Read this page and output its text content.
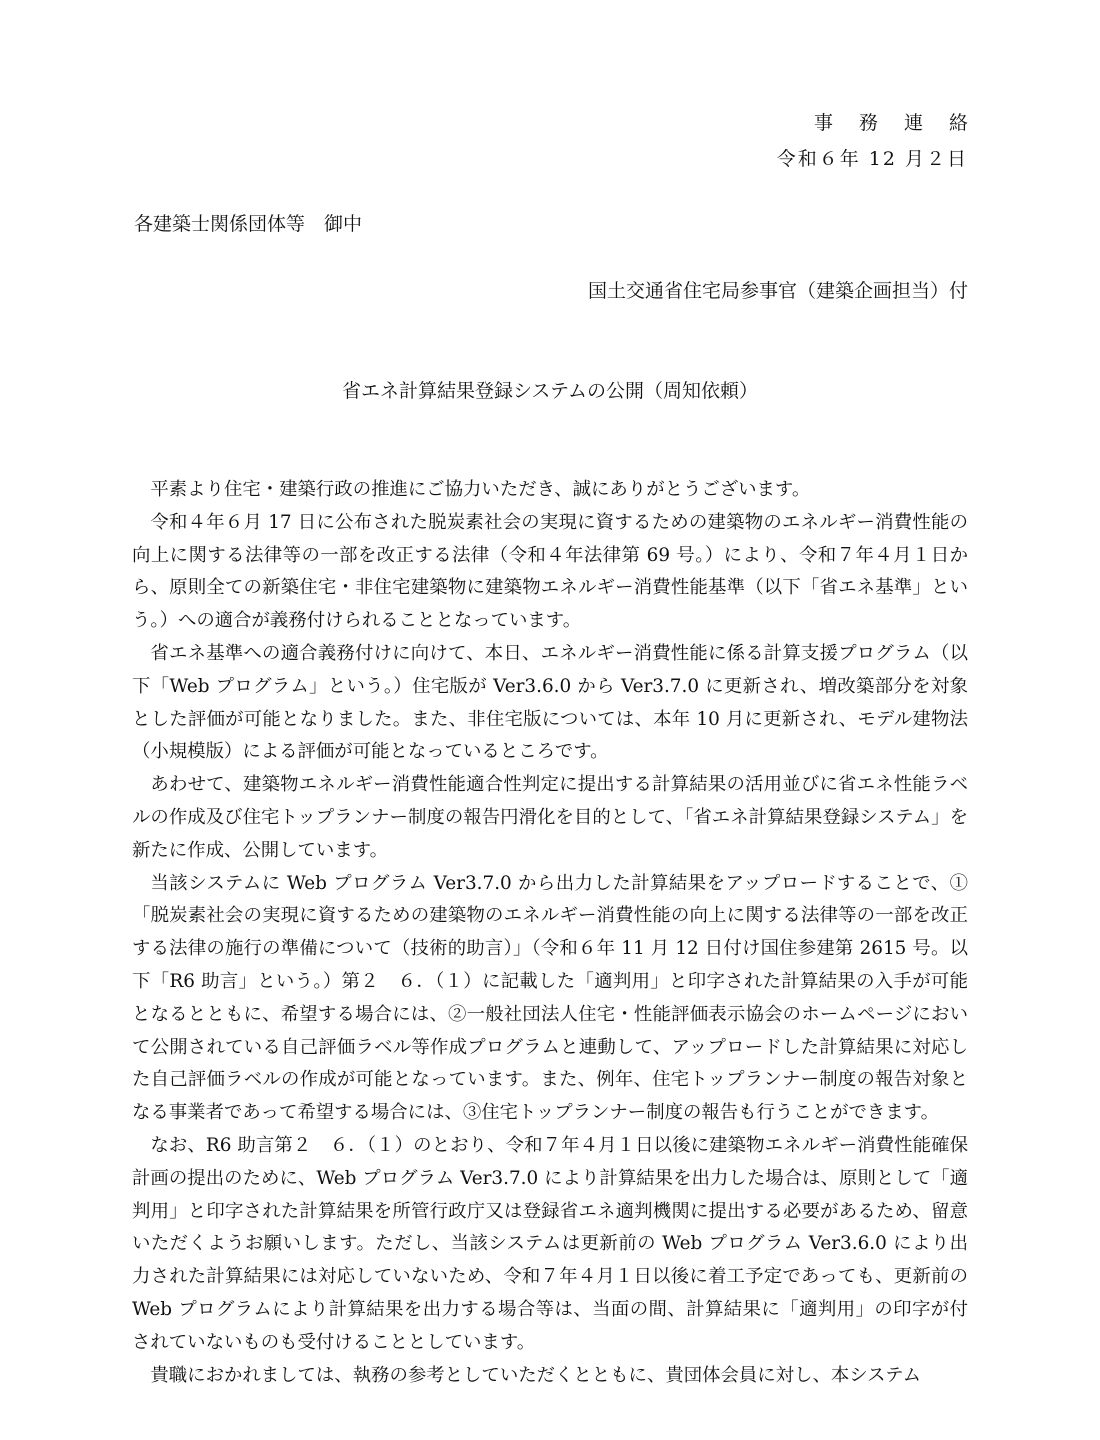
事務連絡
令和６年 12 月２日
各建築士関係団体等　御中
国土交通省住宅局参事官（建築企画担当）付
省エネ計算結果登録システムの公開（周知依頼）

平素より住宅・建築行政の推進にご協力いただき、誠にありがとうございます。

令和４年６月 17 日に公布された脱炭素社会の実現に資するための建築物のエネルギー消費性能の向上に関する法律等の一部を改正する法律（令和４年法律第 69 号。）により、令和７年４月１日から、原則全ての新築住宅・非住宅建築物に建築物エネルギー消費性能基準（以下「省エネ基準」という。）への適合が義務付けられることとなっています。

省エネ基準への適合義務付けに向けて、本日、エネルギー消費性能に係る計算支援プログラム（以下「Web プログラム」という。）住宅版が Ver3.6.0 から Ver3.7.0 に更新され、増改築部分を対象とした評価が可能となりました。また、非住宅版については、本年 10 月に更新され、モデル建物法（小規模版）による評価が可能となっているところです。

あわせて、建築物エネルギー消費性能適合性判定に提出する計算結果の活用並びに省エネ性能ラベルの作成及び住宅トップランナー制度の報告円滑化を目的として、「省エネ計算結果登録システム」を新たに作成、公開しています。

当該システムに Web プログラム Ver3.7.0 から出力した計算結果をアップロードすることで、①「脱炭素社会の実現に資するための建築物のエネルギー消費性能の向上に関する法律等の一部を改正する法律の施行の準備について（技術的助言）」（令和６年 11 月 12 日付け国住参建第 2615 号。以下「R6 助言」という。）第２　６．（１）に記載した「適判用」と印字された計算結果の入手が可能となるとともに、希望する場合には、②一般社団法人住宅・性能評価表示協会のホームページにおいて公開されている自己評価ラベル等作成プログラムと連動して、アップロードした計算結果に対応した自己評価ラベルの作成が可能となっています。また、例年、住宅トップランナー制度の報告対象となる事業者であって希望する場合には、③住宅トップランナー制度の報告も行うことができます。

なお、R6 助言第２　６．（１）のとおり、令和７年４月１日以後に建築物エネルギー消費性能確保計画の提出のために、Web プログラム Ver3.7.0 により計算結果を出力した場合は、原則として「適判用」と印字された計算結果を所管行政庁又は登録省エネ適判機関に提出する必要があるため、留意いただくようお願いします。ただし、当該システムは更新前の Web プログラム Ver3.6.0 により出力された計算結果には対応していないため、令和７年４月１日以後に着工予定であっても、更新前の Web プログラムにより計算結果を出力する場合等は、当面の間、計算結果に「適判用」の印字が付されていないものも受付けることとしています。

貴職におかれましては、執務の参考としていただくとともに、貴団体会員に対し、本システム
